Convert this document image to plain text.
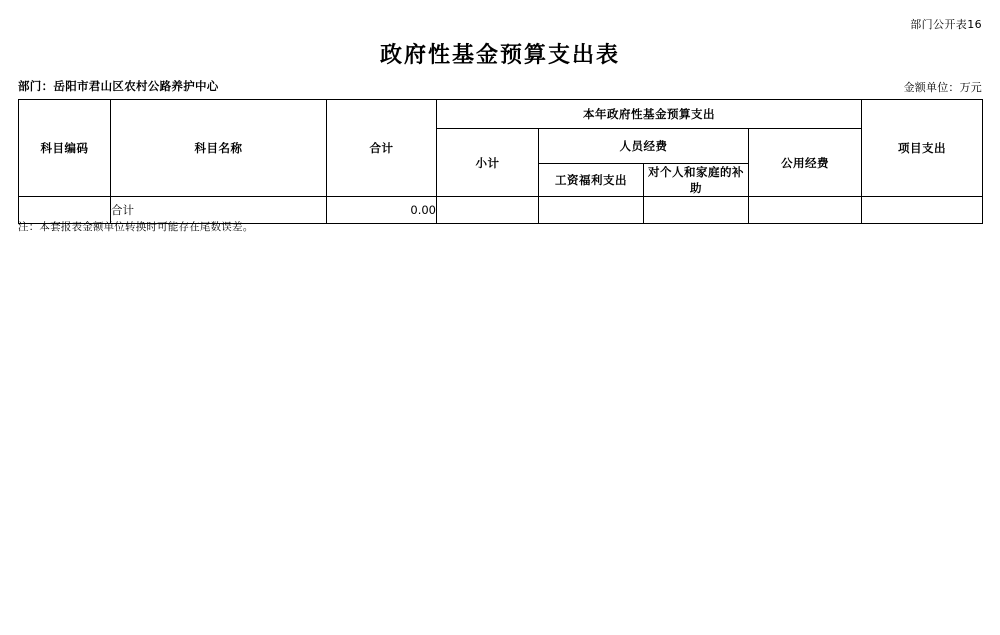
部门公开表16
政府性基金预算支出表
部门：岳阳市君山区农村公路养护中心	金额单位：万元
科目编码	科目名称	合计	本年政府性基金预算支出				项目支出
			小计	人员经费		公用经费	
				工资福利支出	对个人和家庭的补助		
	合计	0.00					
注：本套报表金额单位转换时可能存在尾数误差。
